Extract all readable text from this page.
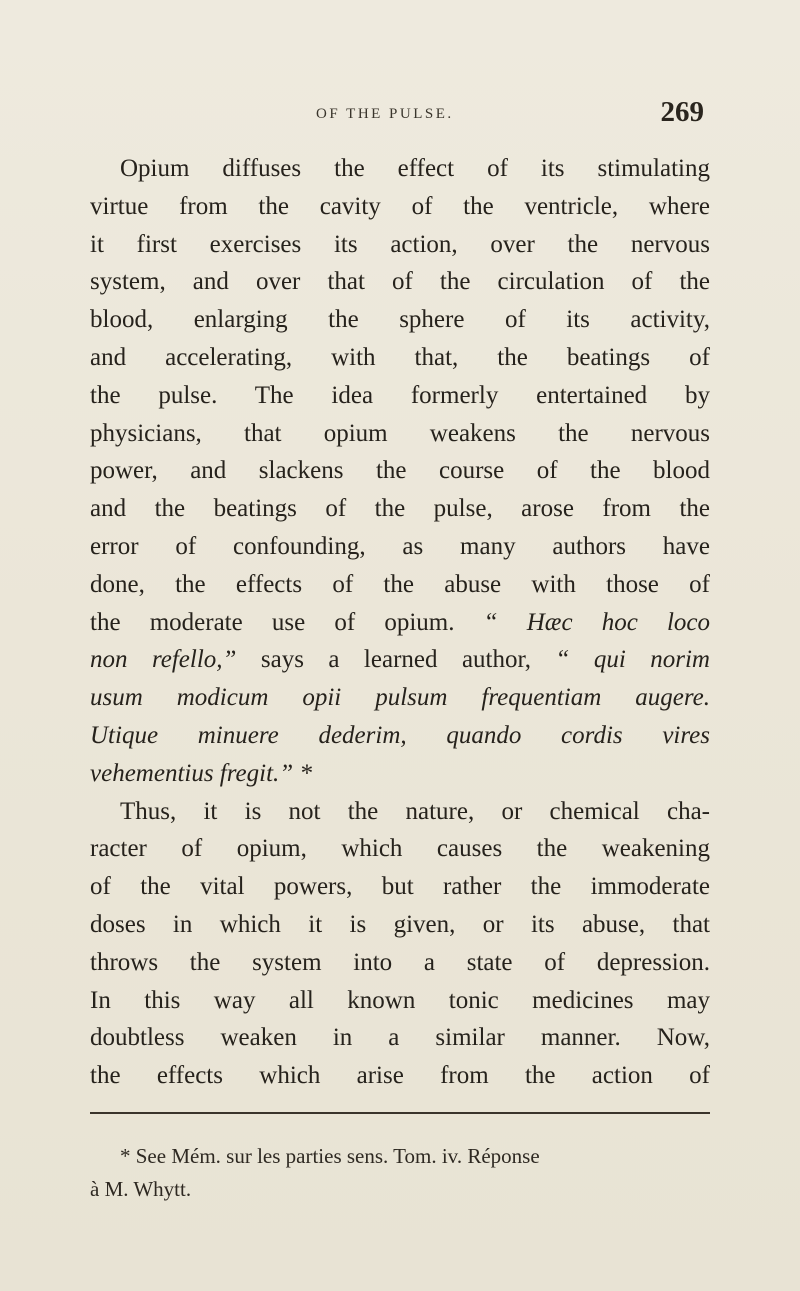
OF THE PULSE.	269
Opium diffuses the effect of its stimulating
virtue from the cavity of the ventricle, where
it first exercises its action, over the nervous
system, and over that of the circulation of the
blood, enlarging the sphere of its activity,
and accelerating, with that, the beatings of
the pulse. The idea formerly entertained by
physicians, that opium weakens the nervous
power, and slackens the course of the blood
and the beatings of the pulse, arose from the
error of confounding, as many authors have
done, the effects of the abuse with those of
the moderate use of opium. “ Hæc hoc loco
non refello,” says a learned author, “ qui norim
usum modicum opii pulsum frequentiam augere.
Utique minuere dederim, quando cordis vires
vehementius fregit.” *
Thus, it is not the nature, or chemical cha-
racter of opium, which causes the weakening
of the vital powers, but rather the immoderate
doses in which it is given, or its abuse, that
throws the system into a state of depression.
In this way all known tonic medicines may
doubtless weaken in a similar manner. Now,
the effects which arise from the action of
* See Mém. sur les parties sens. Tom. iv. Réponse
à M. Whytt.
